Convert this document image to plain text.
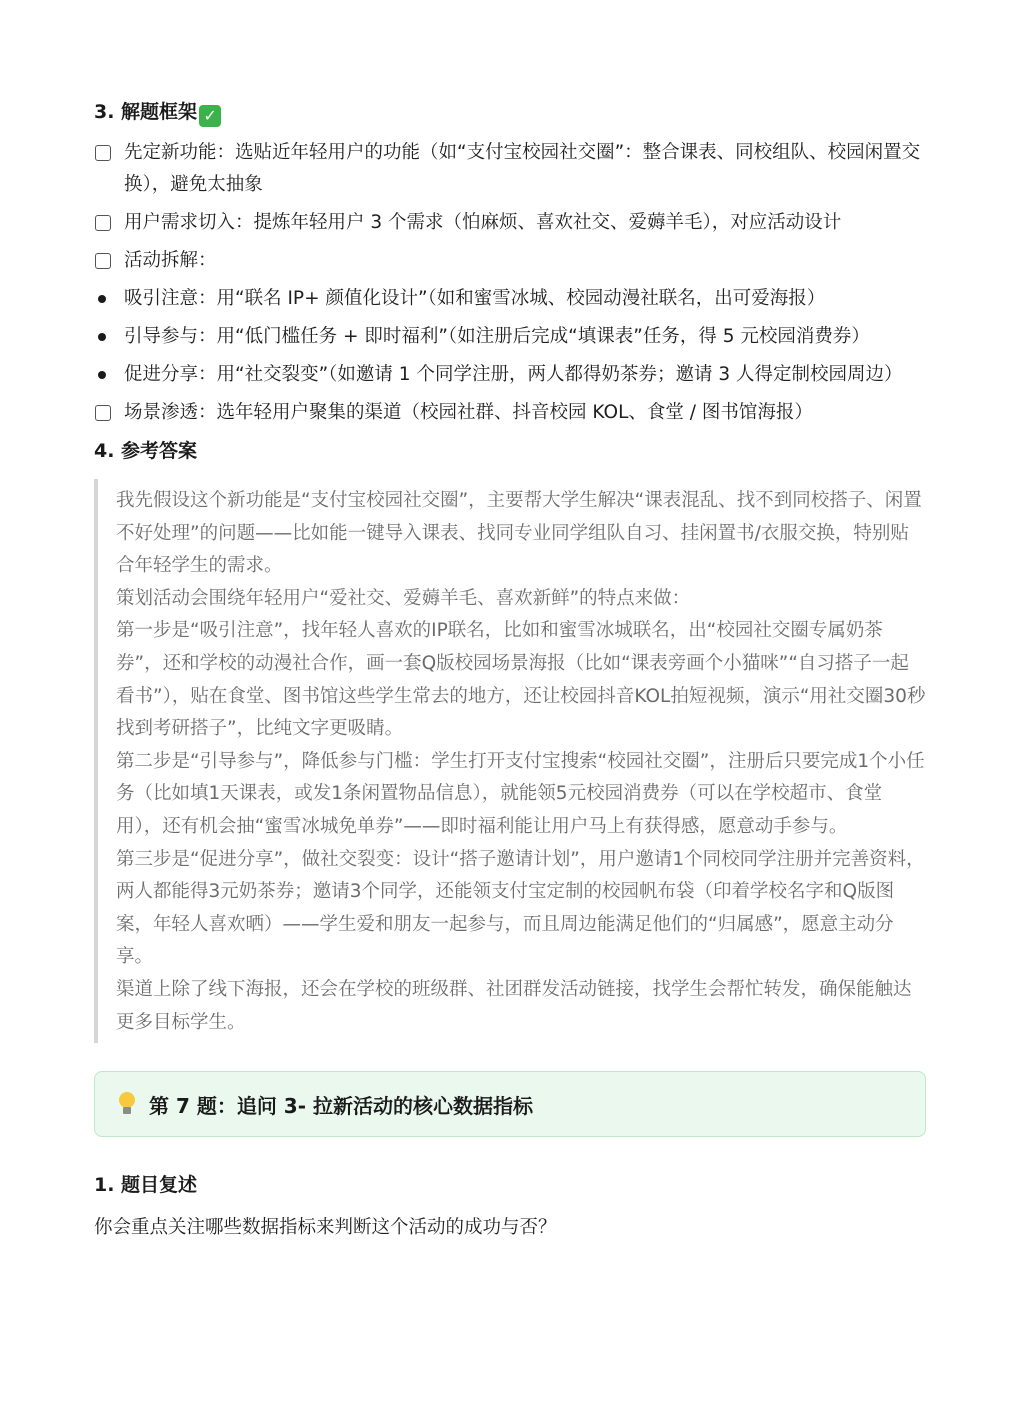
3. 解题框架 ✓
先定新功能：选贴近年轻用户的功能（如“支付宝校园社交圈”：整合课表、同校组队、校园闲置交换），避免太抽象
用户需求切入：提炼年轻用户 3 个需求（怕麻烦、喜欢社交、爱薅羊毛），对应活动设计
活动拆解：
吸引注意：用“联名 IP+ 颜值化设计”（如和蜜雪冰城、校园动漫社联名，出可爱海报）
引导参与：用“低门槛任务 + 即时福利”（如注册后完成“填课表”任务，得 5 元校园消费券）
促进分享：用“社交裂变”（如邀请 1 个同学注册，两人都得奶茶券；邀请 3 人得定制校园周边）
场景渗透：选年轻用户聚集的渠道（校园社群、抖音校园 KOL、食堂 / 图书馆海报）
4. 参考答案

我先假设这个新功能是“支付宝校园社交圈”，主要帮大学生解决“课表混乱、找不到同校搭子、闲置不好处理”的问题——比如能一键导入课表、找同专业同学组队自习、挂闲置书/衣服交换，特别贴合年轻学生的需求。

策划活动会围绕年轻用户“爱社交、爱薅羊毛、喜欢新鲜”的特点来做：

第一步是“吸引注意”，找年轻人喜欢的IP联名，比如和蜜雪冰城联名，出“校园社交圈专属奶茶券”，还和学校的动漫社合作，画一套Q版校园场景海报（比如“课表旁画个小猫咪”“自习搭子一起看书”），贴在食堂、图书馆这些学生常去的地方，还让校园抖音KOL拍短视频，演示“用社交圈30秒找到考研搭子”，比纯文字更吸睛。

第二步是“引导参与”，降低参与门槛：学生打开支付宝搜索“校园社交圈”，注册后只要完成1个小任务（比如填1天课表，或发1条闲置物品信息），就能领5元校园消费券（可以在学校超市、食堂用），还有机会抽“蜜雪冰城免单券”——即时福利能让用户马上有获得感，愿意动手参与。

第三步是“促进分享”，做社交裂变：设计“搭子邀请计划”，用户邀请1个同校同学注册并完善资料，两人都能得3元奶茶券；邀请3个同学，还能领支付宝定制的校园帆布袋（印着学校名字和Q版图案，年轻人喜欢晒）——学生爱和朋友一起参与，而且周边能满足他们的“归属感”，愿意主动分享。

渠道上除了线下海报，还会在学校的班级群、社团群发活动链接，找学生会帮忙转发，确保能触达更多目标学生。

第 7 题：追问 3- 拉新活动的核心数据指标
1. 题目复述

你会重点关注哪些数据指标来判断这个活动的成功与否？
